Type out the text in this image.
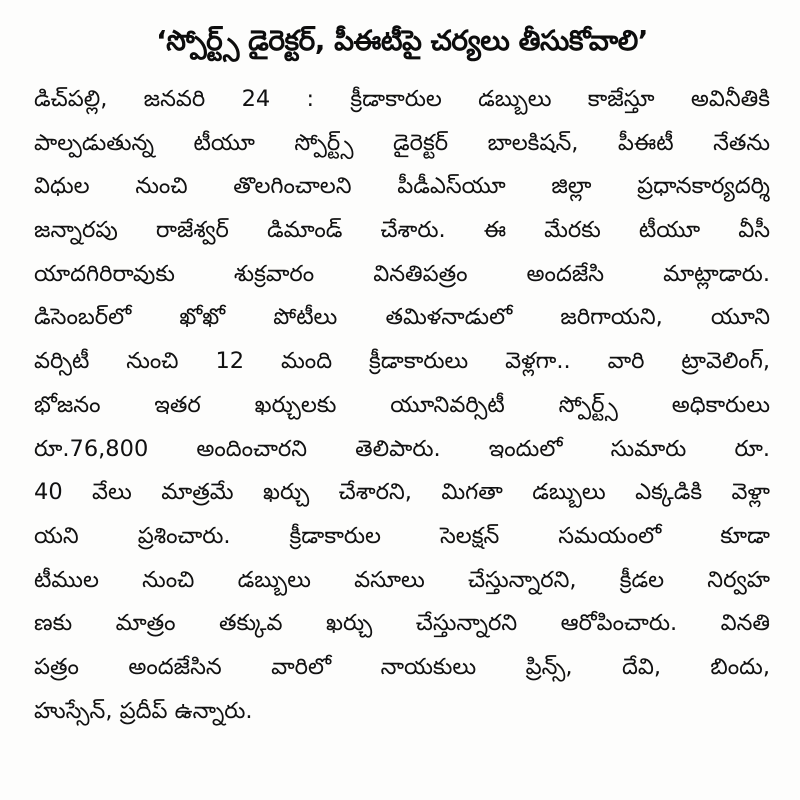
‘స్పోర్ట్స్ డైరెక్టర్, పీఈటీపై చర్యలు తీసుకోవాలి’
డిచ్‌పల్లి, జనవరి 24 : క్రీడాకారుల డబ్బులు కాజేస్తూ అవినీతికి
పాల్పడుతున్న టీయూ స్పోర్ట్స్ డైరెక్టర్ బాలకిషన్, పీఈటీ నేతను
విధుల నుంచి తొలగించాలని పీడీఎస్‌యూ జిల్లా ప్రధానకార్యదర్శి
జన్నారపు రాజేశ్వర్ డిమాండ్ చేశారు. ఈ మేరకు టీయూ వీసీ
యాదగిరిరావుకు శుక్రవారం వినతిపత్రం అందజేసి మాట్లాడారు.
డిసెంబర్‌లో ఖోఖో పోటీలు తమిళనాడులో జరిగాయని, యూని
వర్సిటీ నుంచి 12 మంది క్రీడాకారులు వెళ్లగా.. వారి ట్రావెలింగ్,
భోజనం ఇతర ఖర్చులకు యూనివర్సిటీ స్పోర్ట్స్ అధికారులు
రూ.76,800 అందించారని తెలిపారు. ఇందులో సుమారు రూ.
40 వేలు మాత్రమే ఖర్చు చేశారని, మిగతా డబ్బులు ఎక్కడికి వెళ్లా
యని ప్రశించారు. క్రీడాకారుల సెలక్షన్ సమయంలో కూడా
టీముల నుంచి డబ్బులు వసూలు చేస్తున్నారని, క్రీడల నిర్వహ
ణకు మాత్రం తక్కువ ఖర్చు చేస్తున్నారని ఆరోపించారు. వినతి
పత్రం అందజేసిన వారిలో నాయకులు ప్రిన్స్, దేవి, బిందు,
హుస్సేన్, ప్రదీప్ ఉన్నారు.
